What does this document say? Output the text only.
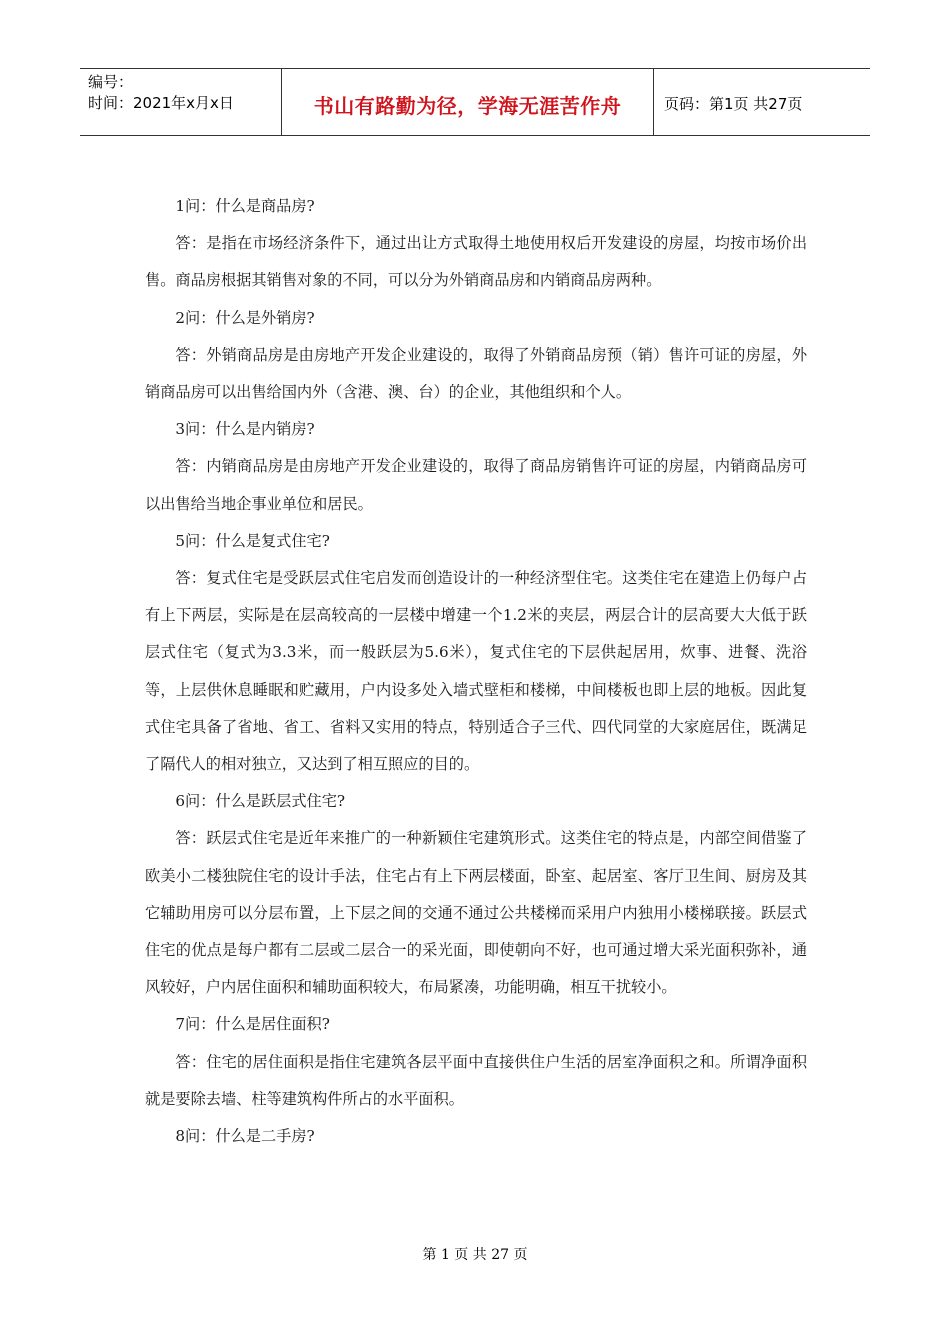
编号：
时间：2021年x月x日	书山有路勤为径，学海无涯苦作舟	页码：第1页 共27页

1问：什么是商品房?

答：是指在市场经济条件下，通过出让方式取得土地使用权后开发建设的房屋，均按市场价出售。商品房根据其销售对象的不同，可以分为外销商品房和内销商品房两种。

2问：什么是外销房?

答：外销商品房是由房地产开发企业建设的，取得了外销商品房预（销）售许可证的房屋，外销商品房可以出售给国内外（含港、澳、台）的企业，其他组织和个人。

3问：什么是内销房?

答：内销商品房是由房地产开发企业建设的，取得了商品房销售许可证的房屋，内销商品房可以出售给当地企事业单位和居民。

5问：什么是复式住宅?

答：复式住宅是受跃层式住宅启发而创造设计的一种经济型住宅。这类住宅在建造上仍每户占有上下两层，实际是在层高较高的一层楼中增建一个1.2米的夹层，两层合计的层高要大大低于跃层式住宅（复式为3.3米，而一般跃层为5.6米），复式住宅的下层供起居用，炊事、进餐、洗浴等，上层供休息睡眠和贮藏用，户内设多处入墙式壁柜和楼梯，中间楼板也即上层的地板。因此复式住宅具备了省地、省工、省料又实用的特点，特别适合子三代、四代同堂的大家庭居住，既满足了隔代人的相对独立，又达到了相互照应的目的。

6问：什么是跃层式住宅?

答：跃层式住宅是近年来推广的一种新颖住宅建筑形式。这类住宅的特点是，内部空间借鉴了欧美小二楼独院住宅的设计手法，住宅占有上下两层楼面，卧室、起居室、客厅卫生间、厨房及其它辅助用房可以分层布置，上下层之间的交通不通过公共楼梯而采用户内独用小楼梯联接。跃层式住宅的优点是每户都有二层或二层合一的采光面，即使朝向不好，也可通过增大采光面积弥补，通风较好，户内居住面积和辅助面积较大，布局紧凑，功能明确，相互干扰较小。

7问：什么是居住面积?

答：住宅的居住面积是指住宅建筑各层平面中直接供住户生活的居室净面积之和。所谓净面积就是要除去墙、柱等建筑构件所占的水平面积。

8问：什么是二手房?

第 1 页 共 27 页
